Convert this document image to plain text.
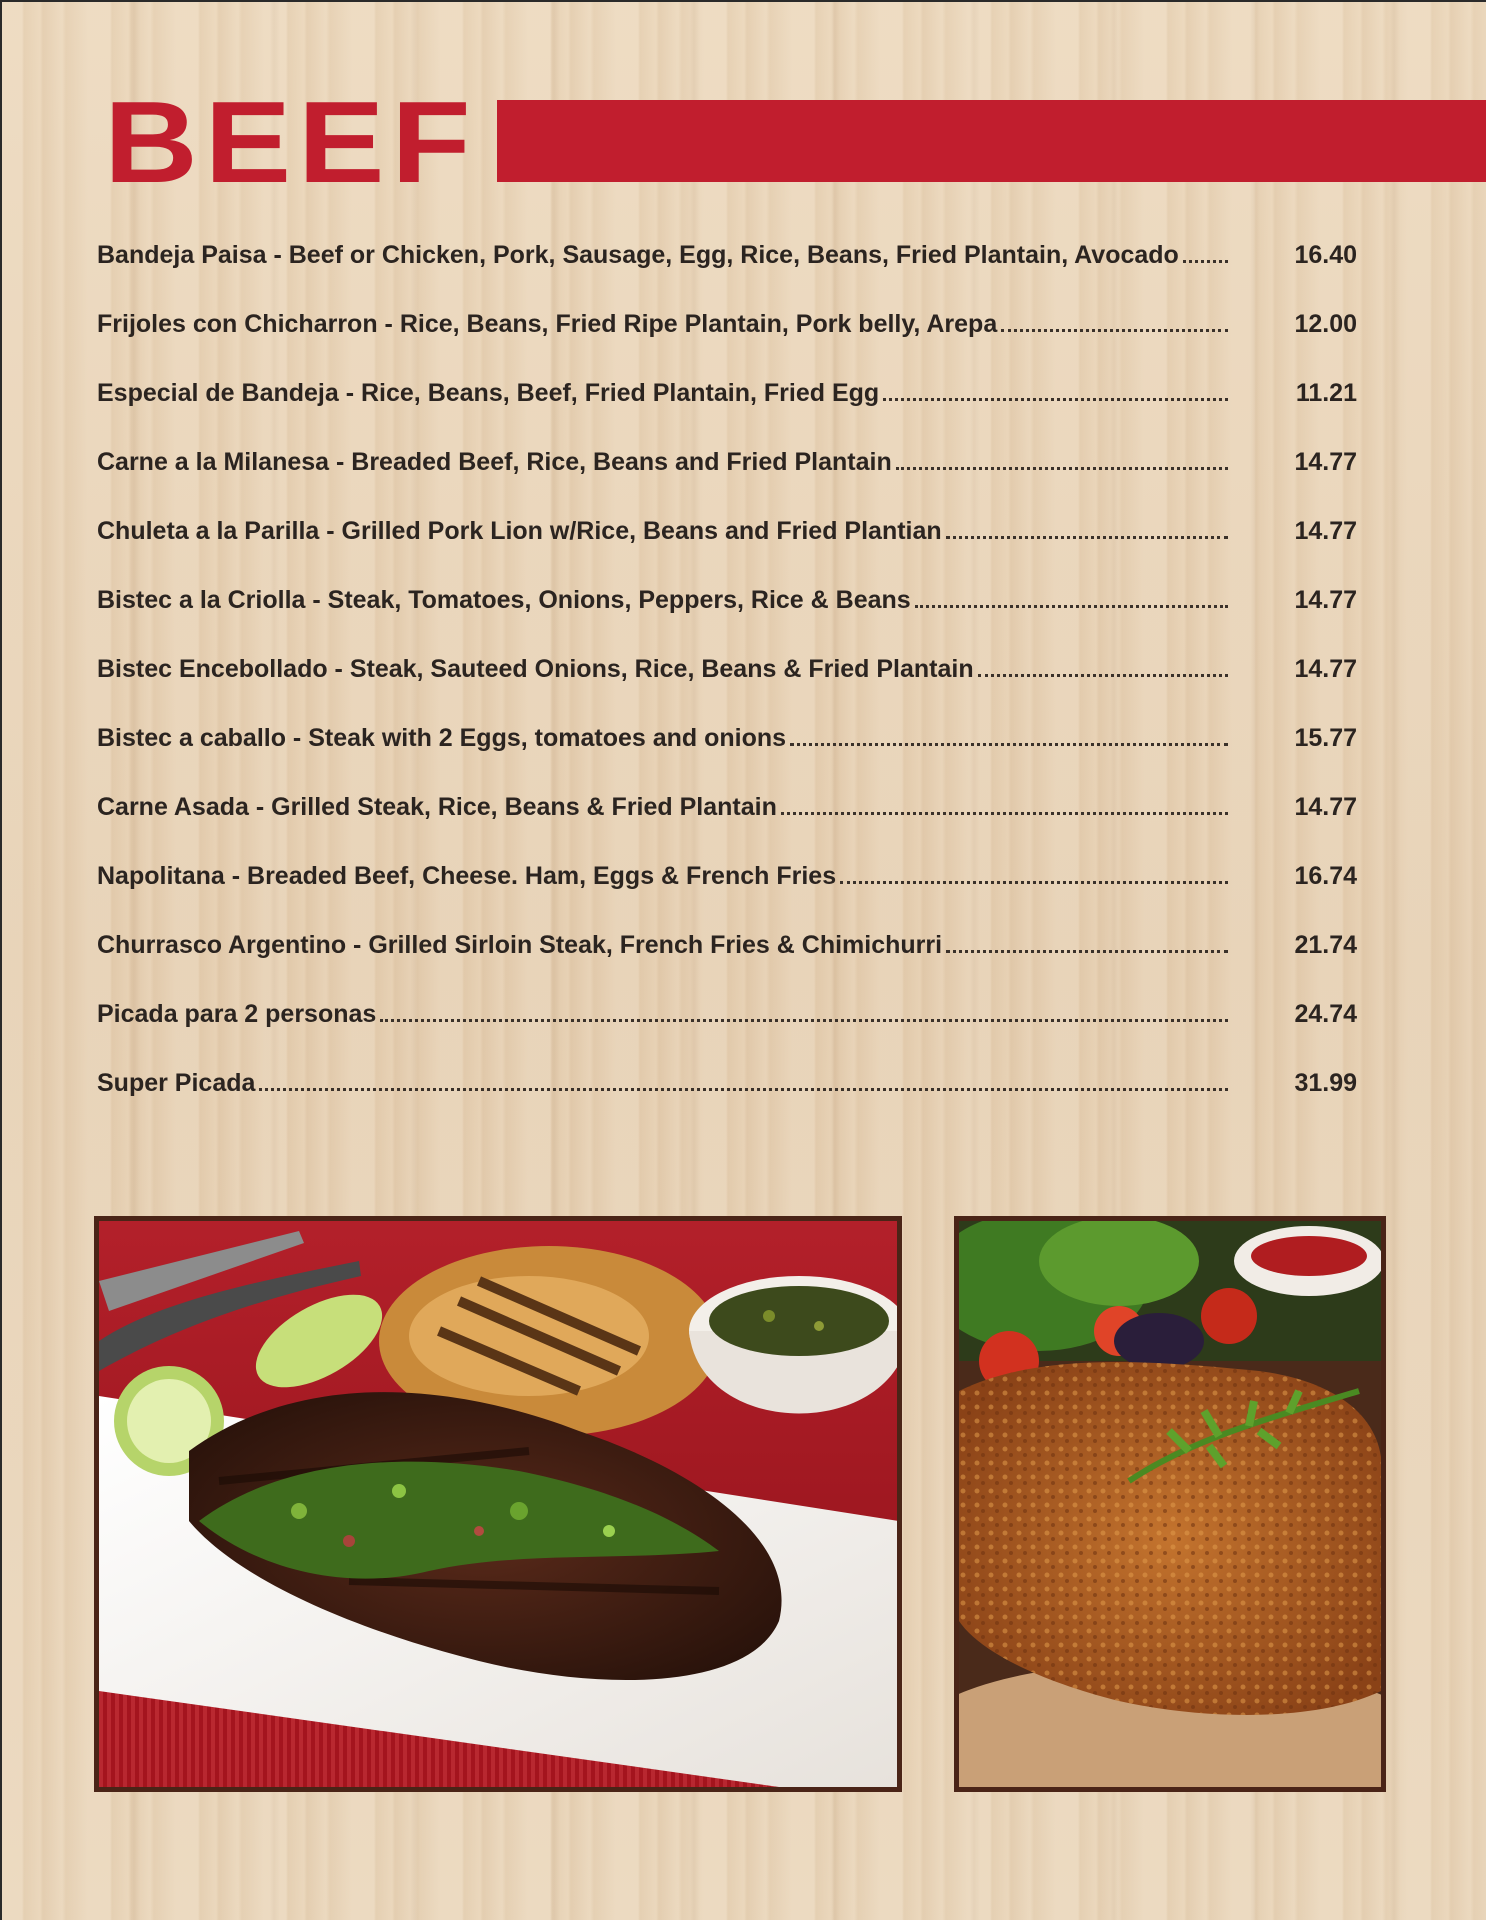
BEEF
Bandeja Paisa - Beef or Chicken, Pork, Sausage, Egg, Rice, Beans, Fried Plantain, Avocado	16.40
Frijoles con Chicharron - Rice, Beans, Fried Ripe Plantain, Pork belly, Arepa	12.00
Especial de Bandeja - Rice, Beans, Beef, Fried Plantain, Fried Egg	11.21
Carne a la Milanesa - Breaded Beef, Rice, Beans and Fried Plantain	14.77
Chuleta a la Parilla - Grilled Pork Lion w/Rice, Beans and Fried Plantian	14.77
Bistec a la Criolla - Steak, Tomatoes, Onions, Peppers, Rice & Beans	14.77
Bistec Encebollado - Steak, Sauteed Onions, Rice, Beans & Fried Plantain	14.77
Bistec a caballo - Steak with 2 Eggs, tomatoes and onions	15.77
Carne Asada - Grilled Steak, Rice, Beans & Fried Plantain	14.77
Napolitana - Breaded Beef, Cheese. Ham, Eggs & French Fries	16.74
Churrasco Argentino - Grilled Sirloin Steak, French Fries & Chimichurri	21.74
Picada para 2 personas	24.74
Super Picada	31.99
